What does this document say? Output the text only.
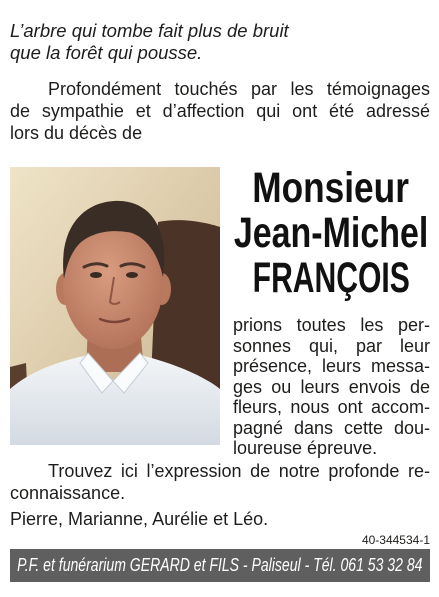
L’arbre qui tombe fait plus de bruit
que la forêt qui pousse.
Profondément touchés par les témoignages
de sympathie et d’affection qui ont été adressé
lors du décès de
Monsieur
Jean-Michel
FRANÇOIS
prions toutes les per-
sonnes qui, par leur
présence, leurs messa-
ges ou leurs envois de
fleurs, nous ont accom-
pagné dans cette dou-
loureuse épreuve.
Trouvez ici l’expression de notre profonde re-
connaissance.
Pierre, Marianne, Aurélie et Léo.
40-344534-1
P.F. et funérarium GERARD et FILS - Paliseul - Tél. 061 53 32 84
